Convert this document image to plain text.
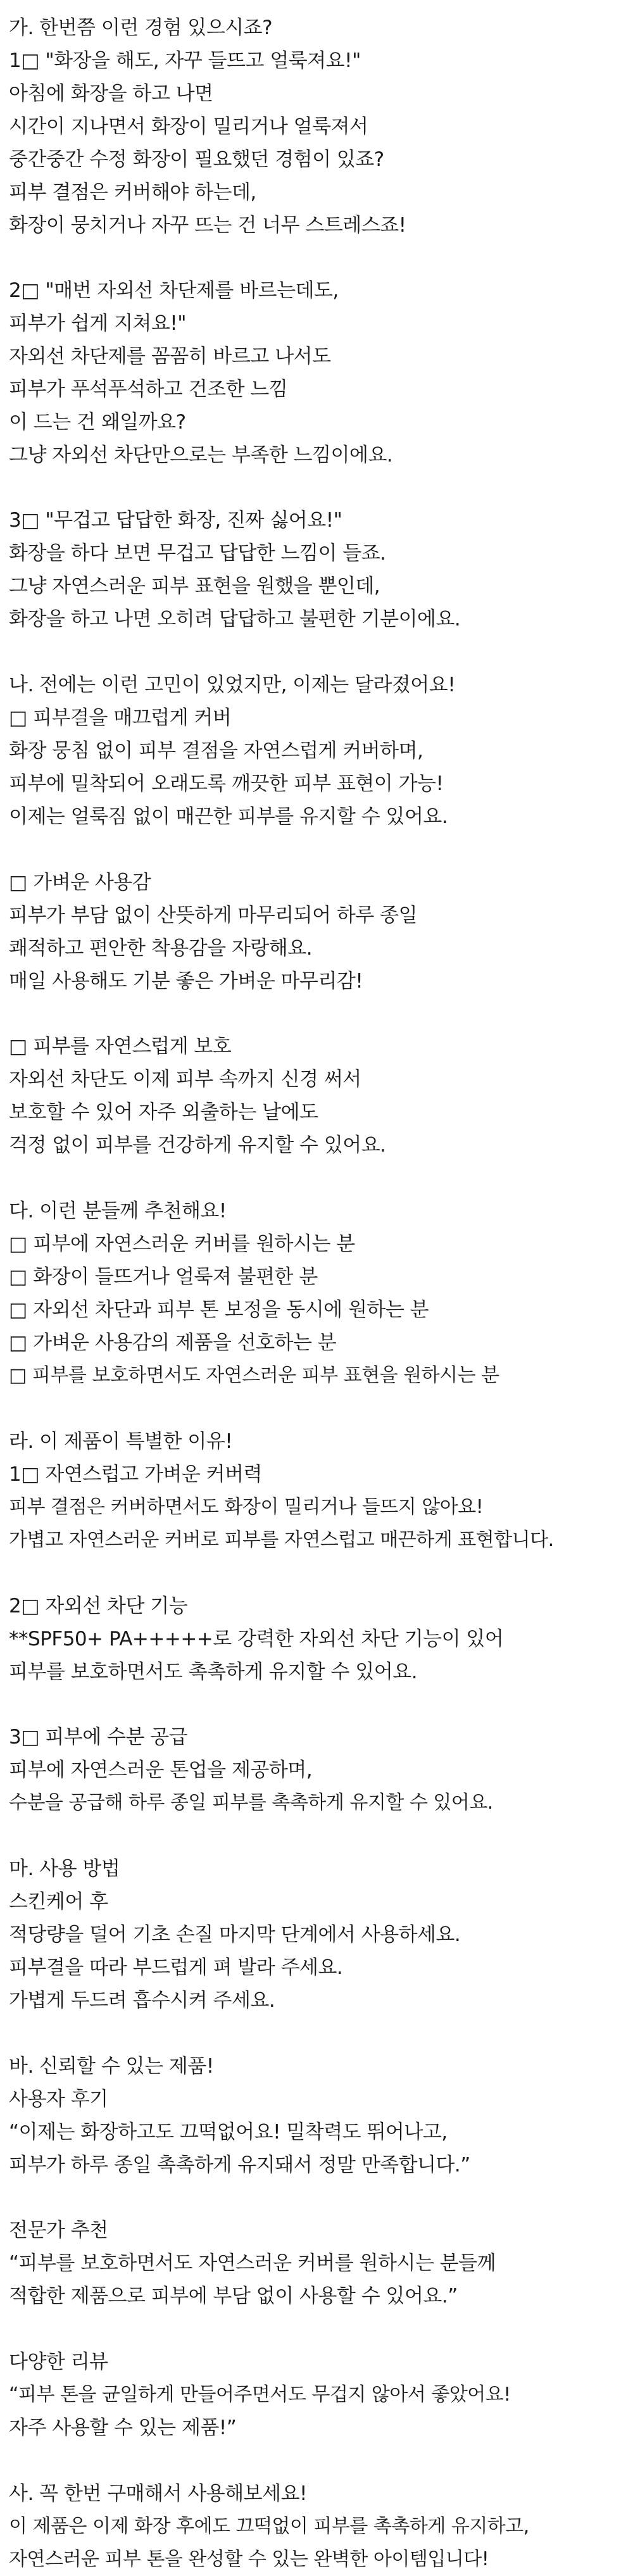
가. 한번쯤 이런 경험 있으시죠?
1□ "화장을 해도, 자꾸 들뜨고 얼룩져요!"
아침에 화장을 하고 나면
시간이 지나면서 화장이 밀리거나 얼룩져서
중간중간 수정 화장이 필요했던 경험이 있죠?
피부 결점은 커버해야 하는데,
화장이 뭉치거나 자꾸 뜨는 건 너무 스트레스죠!
2□ "매번 자외선 차단제를 바르는데도,
피부가 쉽게 지쳐요!"
자외선 차단제를 꼼꼼히 바르고 나서도
피부가 푸석푸석하고 건조한 느낌
이 드는 건 왜일까요?
그냥 자외선 차단만으로는 부족한 느낌이에요.
3□ "무겁고 답답한 화장, 진짜 싫어요!"
화장을 하다 보면 무겁고 답답한 느낌이 들죠.
그냥 자연스러운 피부 표현을 원했을 뿐인데,
화장을 하고 나면 오히려 답답하고 불편한 기분이에요.
나. 전에는 이런 고민이 있었지만, 이제는 달라졌어요!
□ 피부결을 매끄럽게 커버
화장 뭉침 없이 피부 결점을 자연스럽게 커버하며,
피부에 밀착되어 오래도록 깨끗한 피부 표현이 가능!
이제는 얼룩짐 없이 매끈한 피부를 유지할 수 있어요.
□ 가벼운 사용감
피부가 부담 없이 산뜻하게 마무리되어 하루 종일
쾌적하고 편안한 착용감을 자랑해요.
매일 사용해도 기분 좋은 가벼운 마무리감!
□ 피부를 자연스럽게 보호
자외선 차단도 이제 피부 속까지 신경 써서
보호할 수 있어 자주 외출하는 날에도
걱정 없이 피부를 건강하게 유지할 수 있어요.
다. 이런 분들께 추천해요!
□ 피부에 자연스러운 커버를 원하시는 분
□ 화장이 들뜨거나 얼룩져 불편한 분
□ 자외선 차단과 피부 톤 보정을 동시에 원하는 분
□ 가벼운 사용감의 제품을 선호하는 분
□ 피부를 보호하면서도 자연스러운 피부 표현을 원하시는 분
라. 이 제품이 특별한 이유!
1□ 자연스럽고 가벼운 커버력
피부 결점은 커버하면서도 화장이 밀리거나 들뜨지 않아요!
가볍고 자연스러운 커버로 피부를 자연스럽고 매끈하게 표현합니다.
2□ 자외선 차단 기능
**SPF50+ PA+++++로 강력한 자외선 차단 기능이 있어
피부를 보호하면서도 촉촉하게 유지할 수 있어요.
3□ 피부에 수분 공급
피부에 자연스러운 톤업을 제공하며,
수분을 공급해 하루 종일 피부를 촉촉하게 유지할 수 있어요.
마. 사용 방법
스킨케어 후
적당량을 덜어 기초 손질 마지막 단계에서 사용하세요.
피부결을 따라 부드럽게 펴 발라 주세요.
가볍게 두드려 흡수시켜 주세요.
바. 신뢰할 수 있는 제품!
사용자 후기
“이제는 화장하고도 끄떡없어요! 밀착력도 뛰어나고,
피부가 하루 종일 촉촉하게 유지돼서 정말 만족합니다.”
전문가 추천
“피부를 보호하면서도 자연스러운 커버를 원하시는 분들께
적합한 제품으로 피부에 부담 없이 사용할 수 있어요.”
다양한 리뷰
“피부 톤을 균일하게 만들어주면서도 무겁지 않아서 좋았어요!
자주 사용할 수 있는 제품!”
사. 꼭 한번 구매해서 사용해보세요!
이 제품은 이제 화장 후에도 끄떡없이 피부를 촉촉하게 유지하고,
자연스러운 피부 톤을 완성할 수 있는 완벽한 아이템입니다!
